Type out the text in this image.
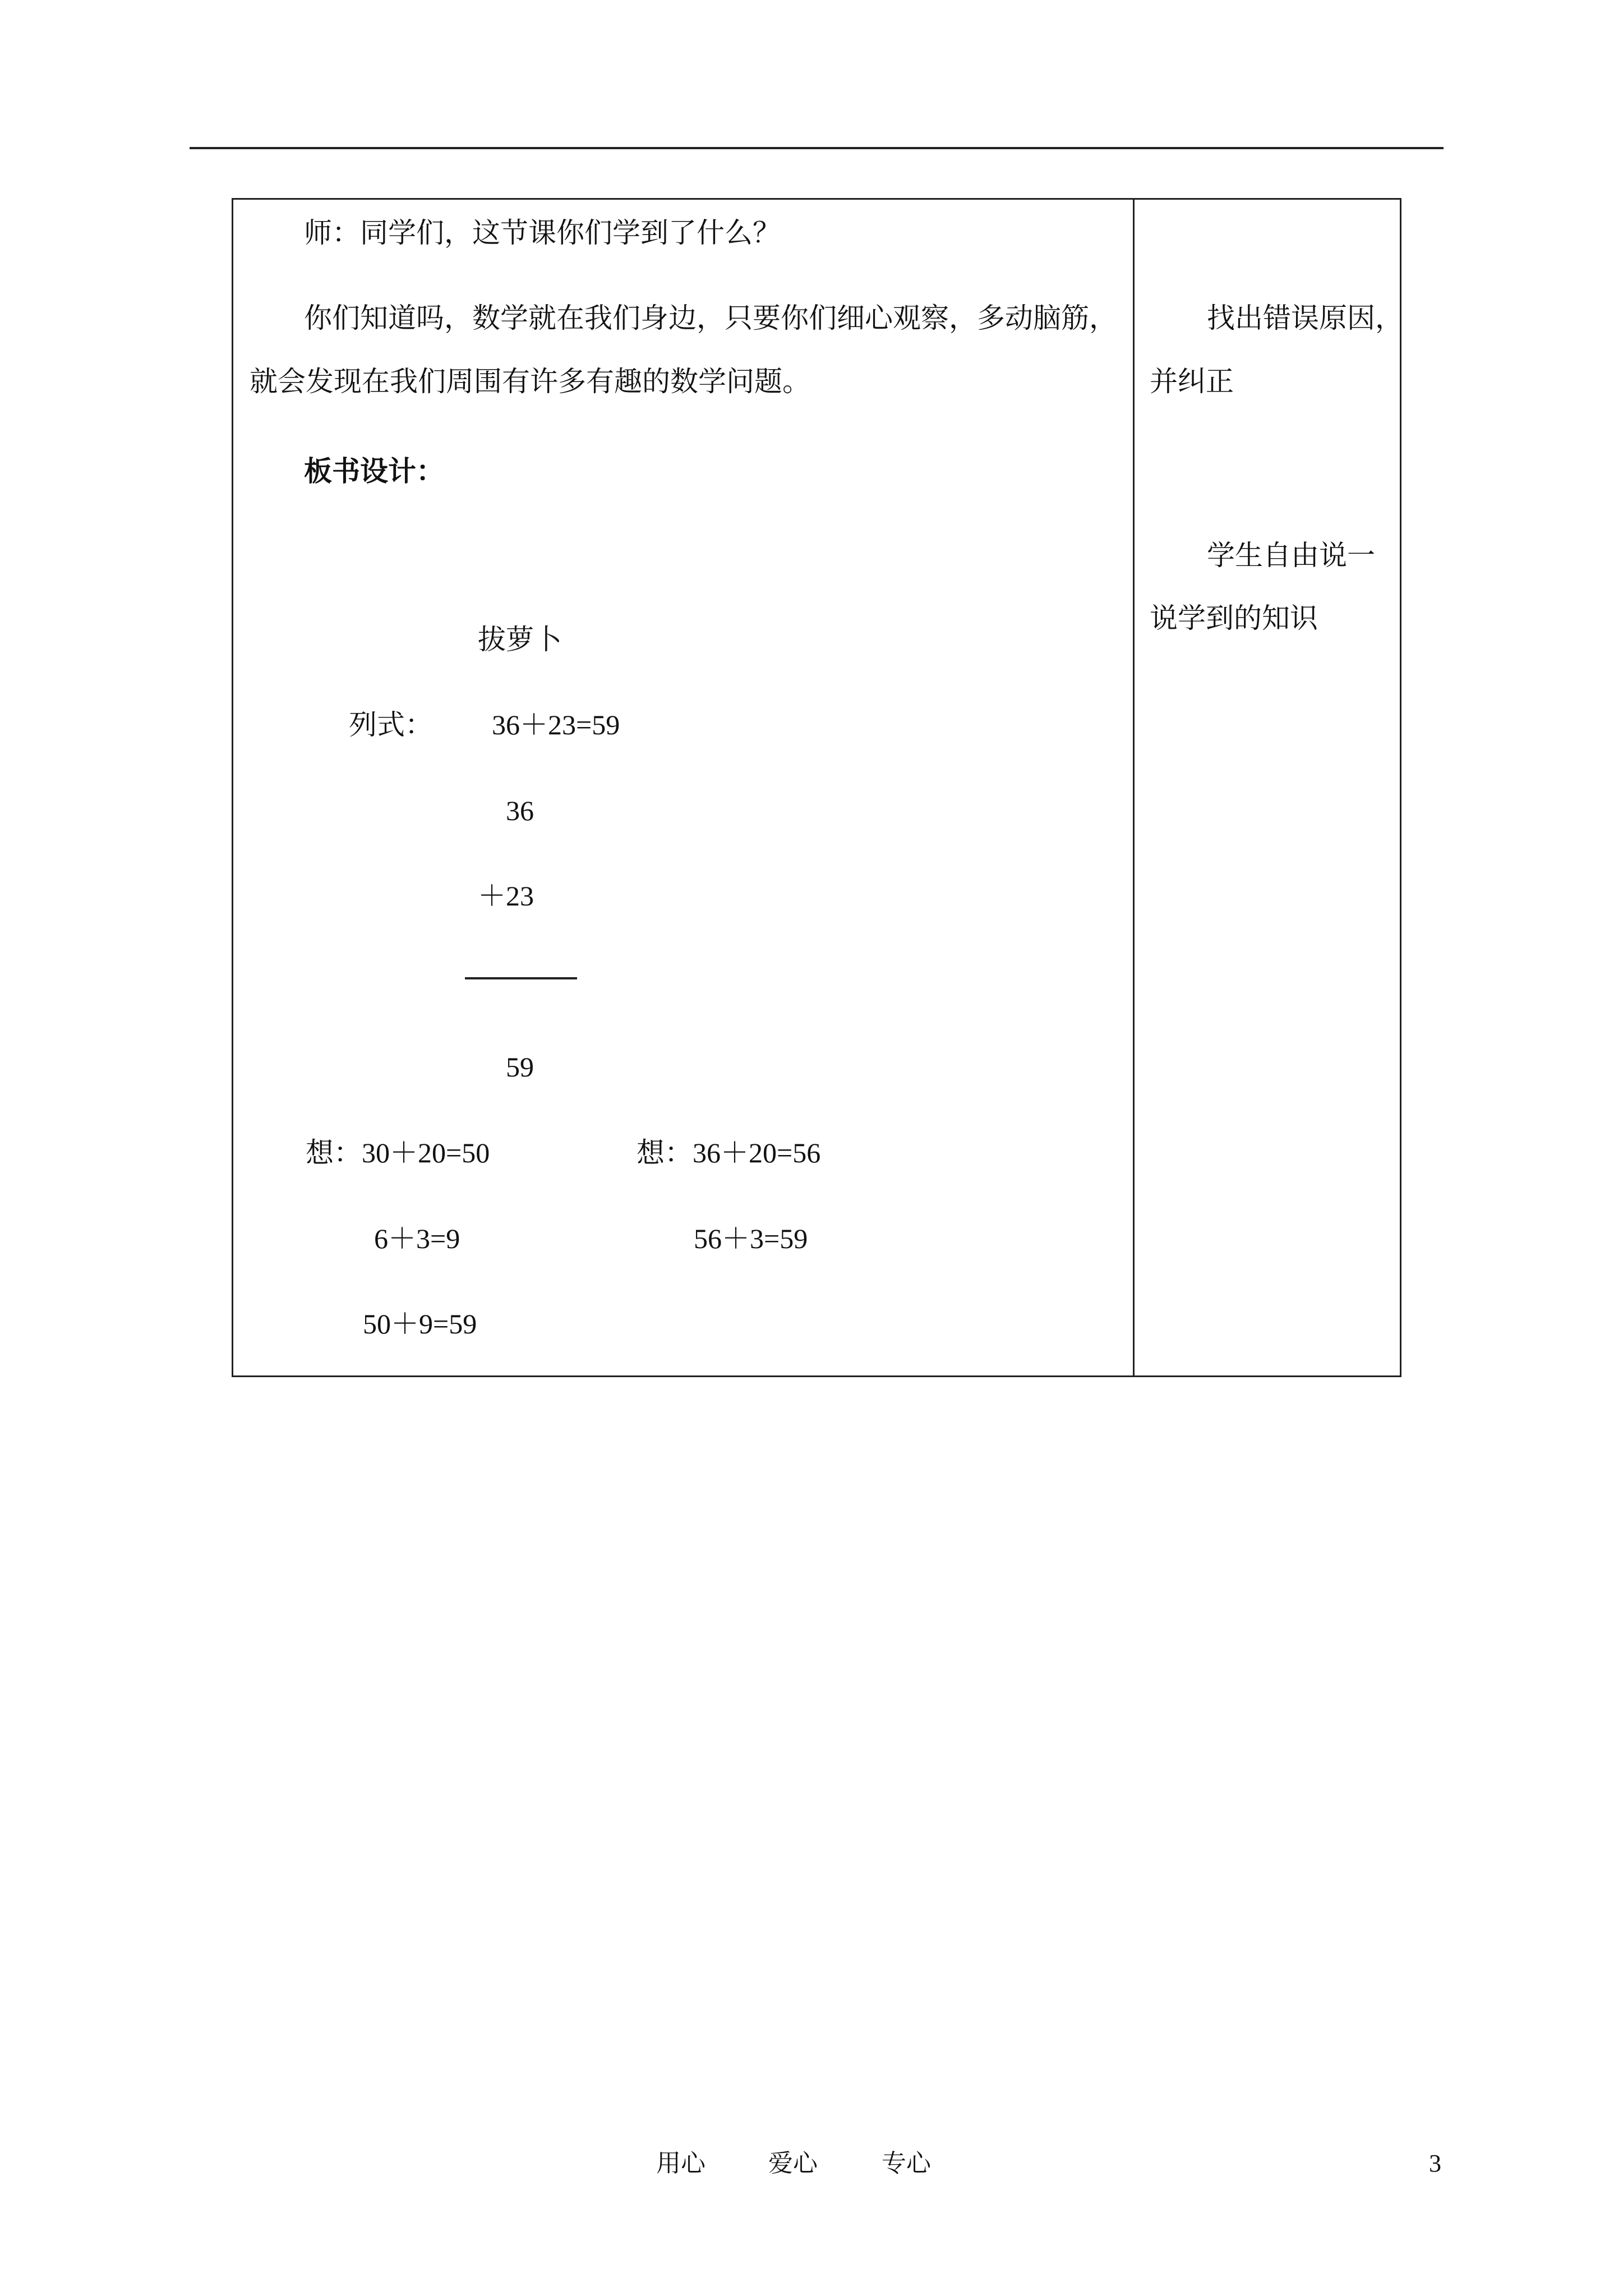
师：同学们，这节课你们学到了什么？
你们知道吗，数学就在我们身边，只要你们细心观察，多动脑筋，
就会发现在我们周围有许多有趣的数学问题。
板书设计：
拔萝卜
列式： 36＋23=59
36
＋23
59
想：30＋20=50	想：36＋20=56
6＋3=9	56＋3=59
50＋9=59
找出错误原因，
并纠正
学生自由说一
说学到的知识
用心	爱心	专心	3
